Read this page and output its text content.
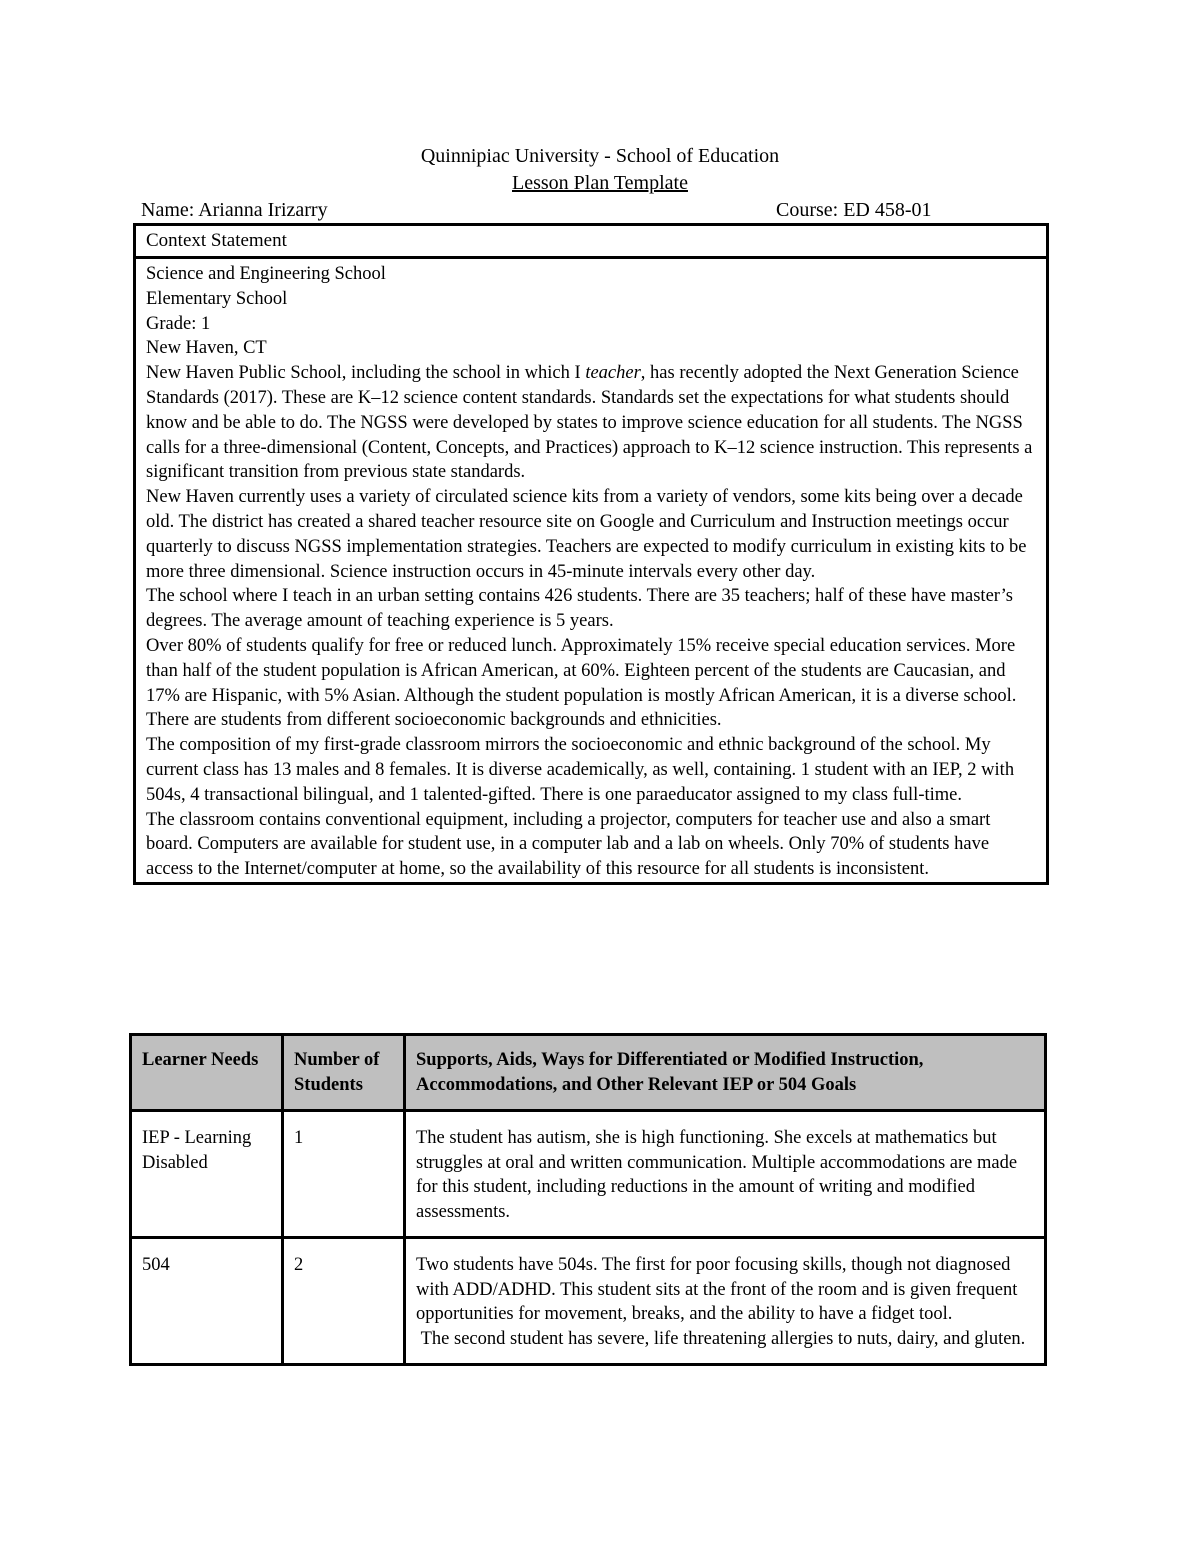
Quinnipiac University - School of Education
Lesson Plan Template
Name: Arianna Irizarry	Course: ED 458-01
Context Statement
Science and Engineering School
Elementary School
Grade: 1
New Haven, CT
New Haven Public School, including the school in which I teacher, has recently adopted the Next Generation Science Standards (2017). These are K–12 science content standards. Standards set the expectations for what students should know and be able to do. The NGSS were developed by states to improve science education for all students. The NGSS calls for a three-dimensional (Content, Concepts, and Practices) approach to K–12 science instruction. This represents a significant transition from previous state standards.
New Haven currently uses a variety of circulated science kits from a variety of vendors, some kits being over a decade old. The district has created a shared teacher resource site on Google and Curriculum and Instruction meetings occur quarterly to discuss NGSS implementation strategies. Teachers are expected to modify curriculum in existing kits to be more three dimensional. Science instruction occurs in 45-minute intervals every other day.
The school where I teach in an urban setting contains 426 students. There are 35 teachers; half of these have master’s degrees. The average amount of teaching experience is 5 years.
Over 80% of students qualify for free or reduced lunch. Approximately 15% receive special education services. More than half of the student population is African American, at 60%. Eighteen percent of the students are Caucasian, and 17% are Hispanic, with 5% Asian. Although the student population is mostly African American, it is a diverse school. There are students from different socioeconomic backgrounds and ethnicities.
The composition of my first-grade classroom mirrors the socioeconomic and ethnic background of the school. My current class has 13 males and 8 females. It is diverse academically, as well, containing. 1 student with an IEP, 2 with 504s, 4 transactional bilingual, and 1 talented-gifted. There is one paraeducator assigned to my class full-time.
The classroom contains conventional equipment, including a projector, computers for teacher use and also a smart board. Computers are available for student use, in a computer lab and a lab on wheels. Only 70% of students have access to the Internet/computer at home, so the availability of this resource for all students is inconsistent.
Learner Needs	Number of Students	Supports, Aids, Ways for Differentiated or Modified Instruction, Accommodations, and Other Relevant IEP or 504 Goals
IEP - Learning Disabled	1	The student has autism, she is high functioning. She excels at mathematics but struggles at oral and written communication. Multiple accommodations are made for this student, including reductions in the amount of writing and modified assessments.

504	2	Two students have 504s. The first for poor focusing skills, though not diagnosed with ADD/ADHD. This student sits at the front of the room and is given frequent opportunities for movement, breaks, and the ability to have a fidget tool.
The second student has severe, life threatening allergies to nuts, dairy, and gluten.
